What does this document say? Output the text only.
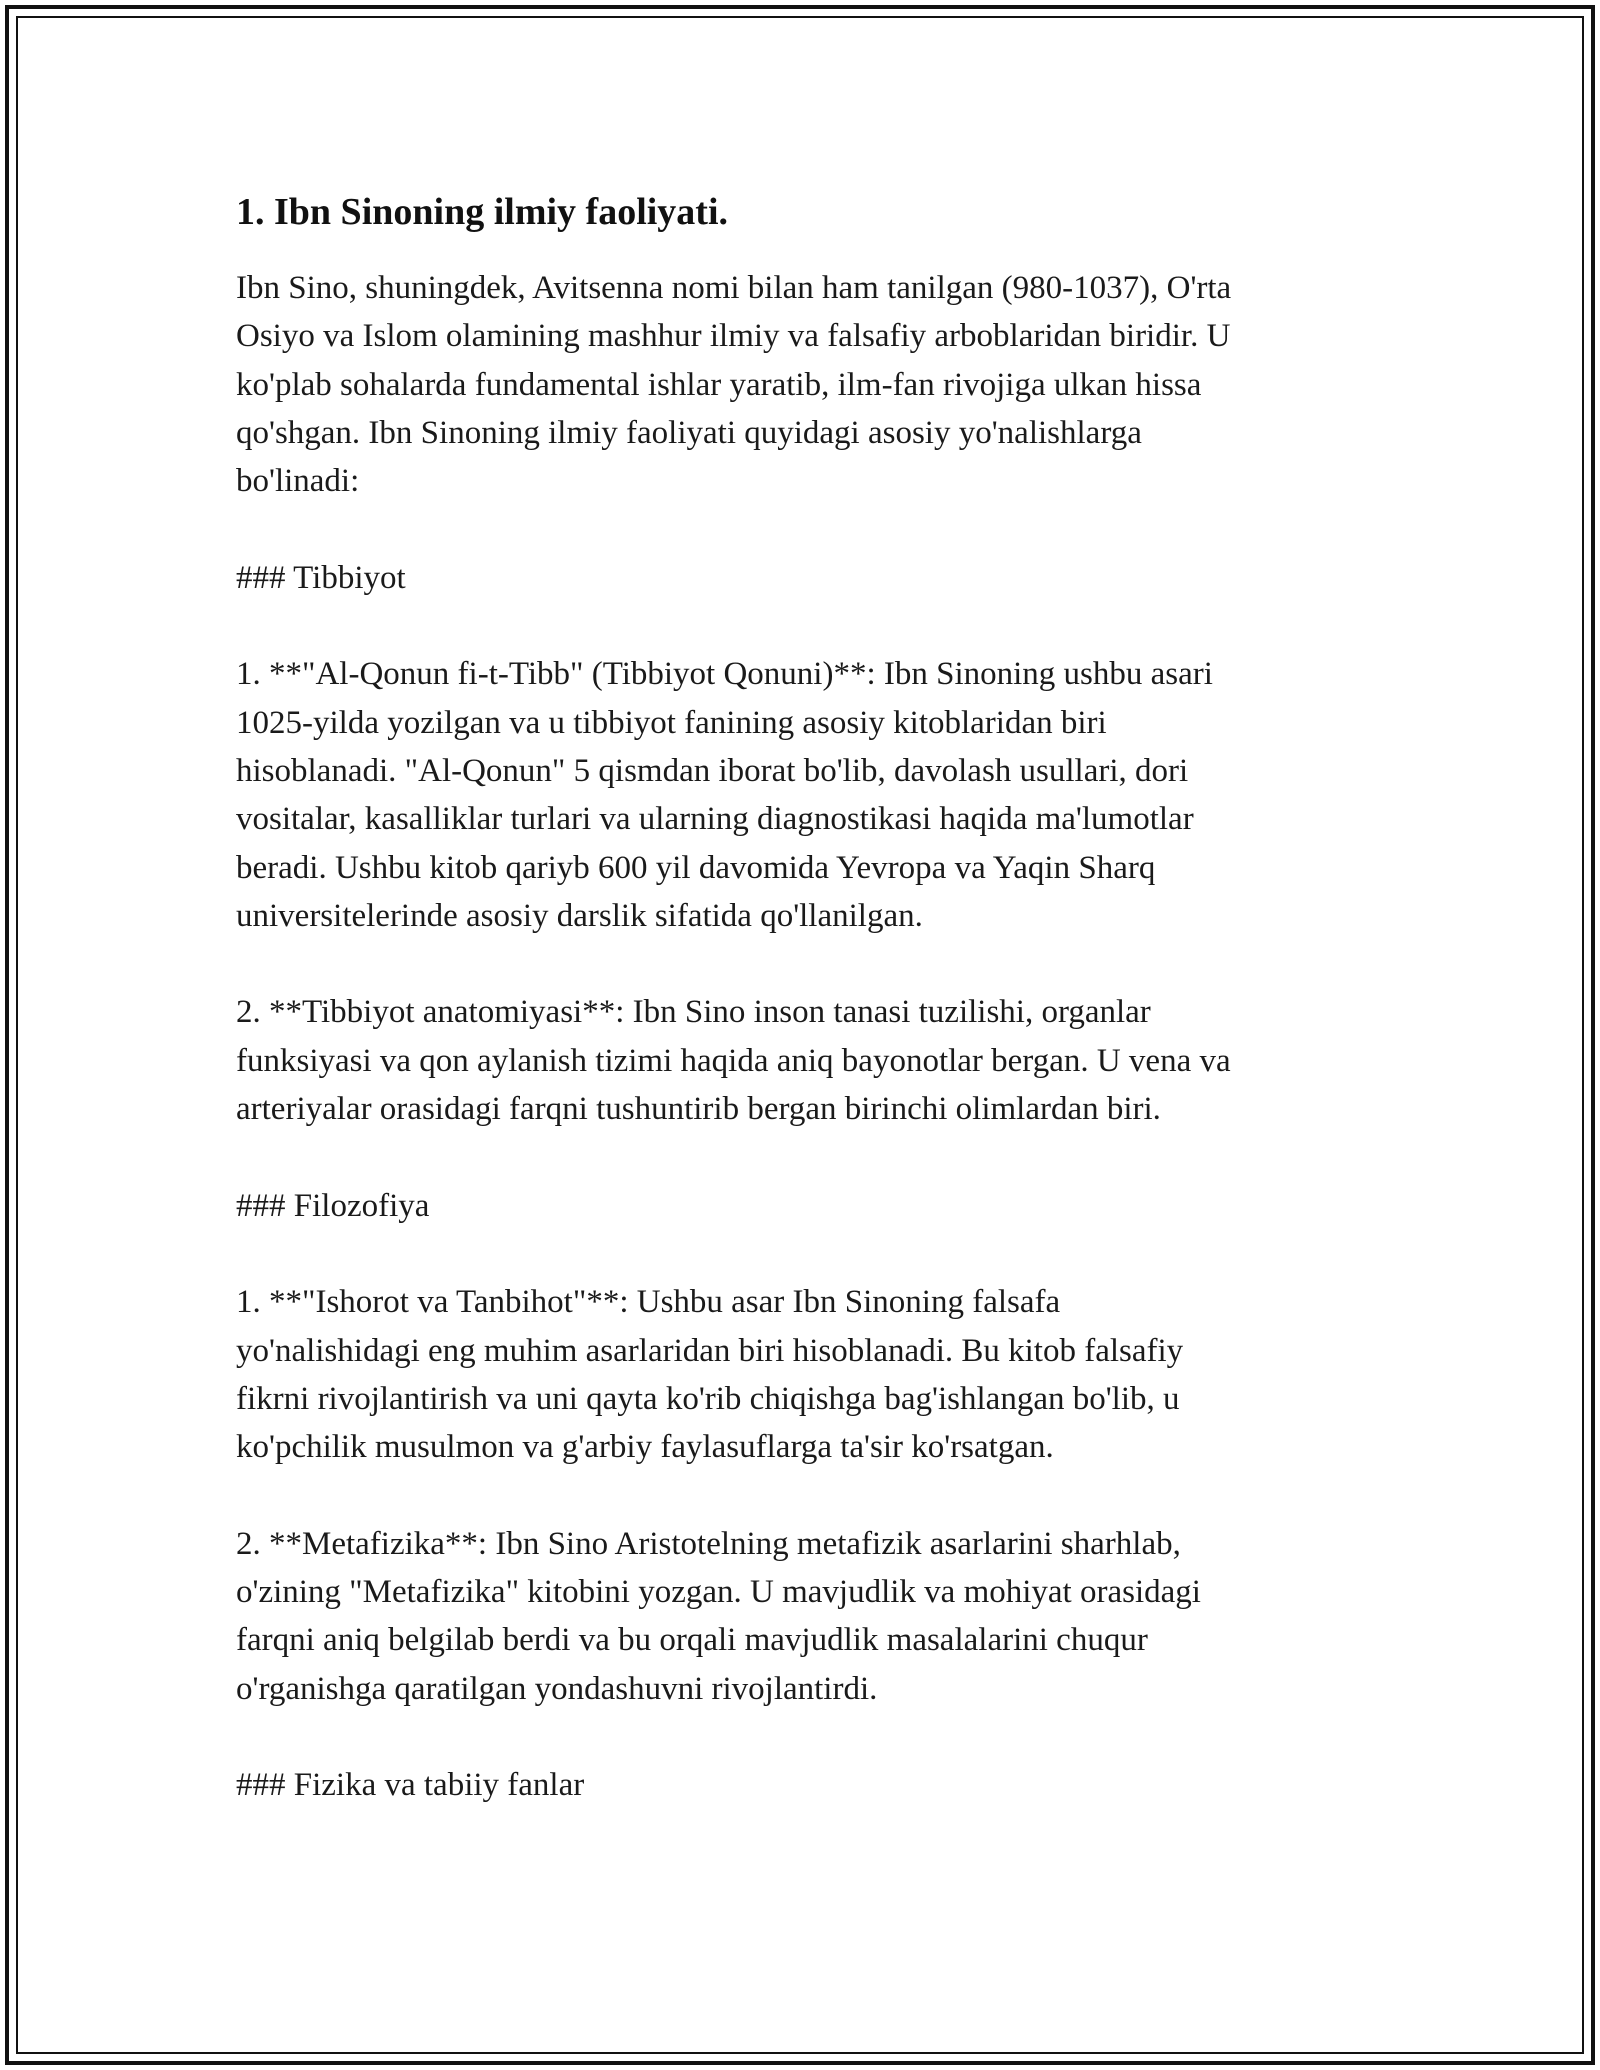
1. Ibn Sinoning ilmiy faoliyati.

Ibn Sino, shuningdek, Avitsenna nomi bilan ham tanilgan (980-1037), O'rta
Osiyo va Islom olamining mashhur ilmiy va falsafiy arboblaridan biridir. U
ko'plab sohalarda fundamental ishlar yaratib, ilm-fan rivojiga ulkan hissa
qo'shgan. Ibn Sinoning ilmiy faoliyati quyidagi asosiy yo'nalishlarga
bo'linadi:

### Tibbiyot

1. **"Al-Qonun fi-t-Tibb" (Tibbiyot Qonuni)**: Ibn Sinoning ushbu asari
1025-yilda yozilgan va u tibbiyot fanining asosiy kitoblaridan biri
hisoblanadi. "Al-Qonun" 5 qismdan iborat bo'lib, davolash usullari, dori
vositalar, kasalliklar turlari va ularning diagnostikasi haqida ma'lumotlar
beradi. Ushbu kitob qariyb 600 yil davomida Yevropa va Yaqin Sharq
universitelerinde asosiy darslik sifatida qo'llanilgan.

2. **Tibbiyot anatomiyasi**: Ibn Sino inson tanasi tuzilishi, organlar
funksiyasi va qon aylanish tizimi haqida aniq bayonotlar bergan. U vena va
arteriyalar orasidagi farqni tushuntirib bergan birinchi olimlardan biri.

### Filozofiya

1. **"Ishorot va Tanbihot"**: Ushbu asar Ibn Sinoning falsafa
yo'nalishidagi eng muhim asarlaridan biri hisoblanadi. Bu kitob falsafiy
fikrni rivojlantirish va uni qayta ko'rib chiqishga bag'ishlangan bo'lib, u
ko'pchilik musulmon va g'arbiy faylasuflarga ta'sir ko'rsatgan.

2. **Metafizika**: Ibn Sino Aristotelning metafizik asarlarini sharhlab,
o'zining "Metafizika" kitobini yozgan. U mavjudlik va mohiyat orasidagi
farqni aniq belgilab berdi va bu orqali mavjudlik masalalarini chuqur
o'rganishga qaratilgan yondashuvni rivojlantirdi.

### Fizika va tabiiy fanlar
